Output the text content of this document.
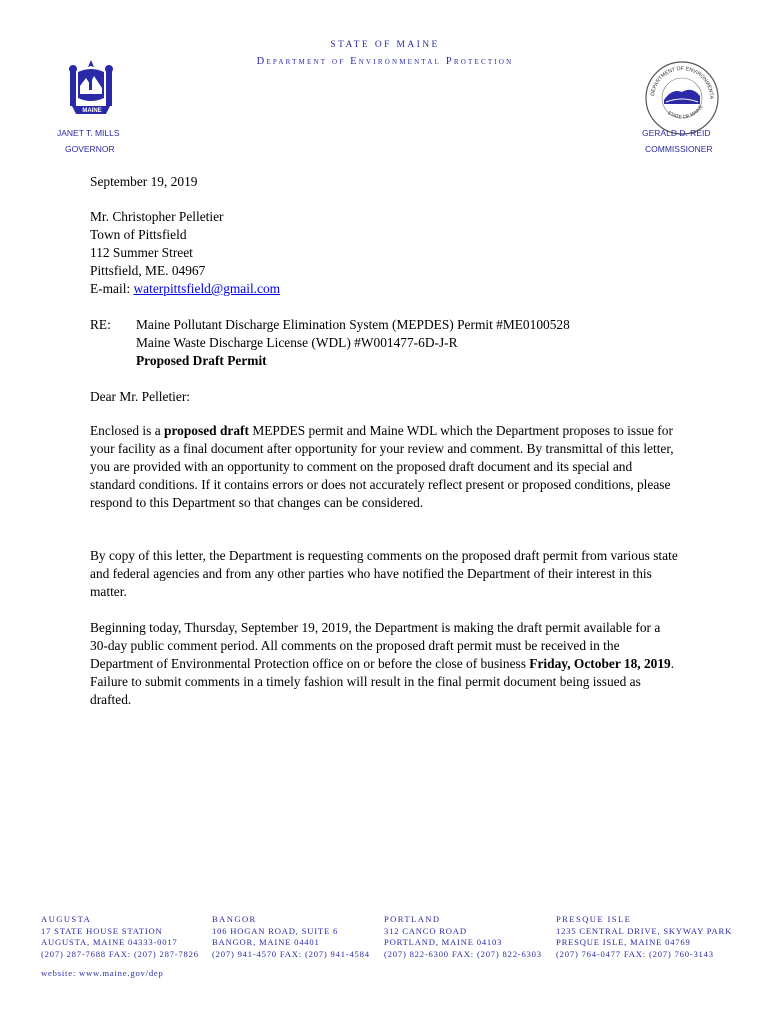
STATE OF MAINE
Department of Environmental Protection
MAINE
DEPARTMENT OF ENVIRONMENTA
STATE OF MAINE
JANET T. MILLS
GOVERNOR
GERALD D. REID
COMMISSIONER
September 19, 2019
Mr. Christopher Pelletier
Town of Pittsfield
112 Summer Street
Pittsfield, ME. 04967
E-mail: waterpittsfield@gmail.com
RE: Maine Pollutant Discharge Elimination System (MEPDES) Permit #ME0100528
Maine Waste Discharge License (WDL) #W001477-6D-J-R
Proposed Draft Permit
Dear Mr. Pelletier:
Enclosed is a proposed draft MEPDES permit and Maine WDL which the Department proposes to issue for your facility as a final document after opportunity for your review and comment. By transmittal of this letter, you are provided with an opportunity to comment on the proposed draft document and its special and standard conditions. If it contains errors or does not accurately reflect present or proposed conditions, please respond to this Department so that changes can be considered.
By copy of this letter, the Department is requesting comments on the proposed draft permit from various state and federal agencies and from any other parties who have notified the Department of their interest in this matter.
Beginning today, Thursday, September 19, 2019, the Department is making the draft permit available for a 30-day public comment period. All comments on the proposed draft permit must be received in the Department of Environmental Protection office on or before the close of business Friday, October 18, 2019. Failure to submit comments in a timely fashion will result in the final permit document being issued as drafted.
AUGUSTA
17 STATE HOUSE STATION
AUGUSTA, MAINE 04333-0017
(207) 287-7688 FAX: (207) 287-7826
BANGOR
106 HOGAN ROAD, SUITE 6
BANGOR, MAINE 04401
(207) 941-4570 FAX: (207) 941-4584
PORTLAND
312 CANCO ROAD
PORTLAND, MAINE 04103
(207) 822-6300 FAX: (207) 822-6303
PRESQUE ISLE
1235 CENTRAL DRIVE, SKYWAY PARK
PRESQUE ISLE, MAINE 04769
(207) 764-0477 FAX: (207) 760-3143
website: www.maine.gov/dep
